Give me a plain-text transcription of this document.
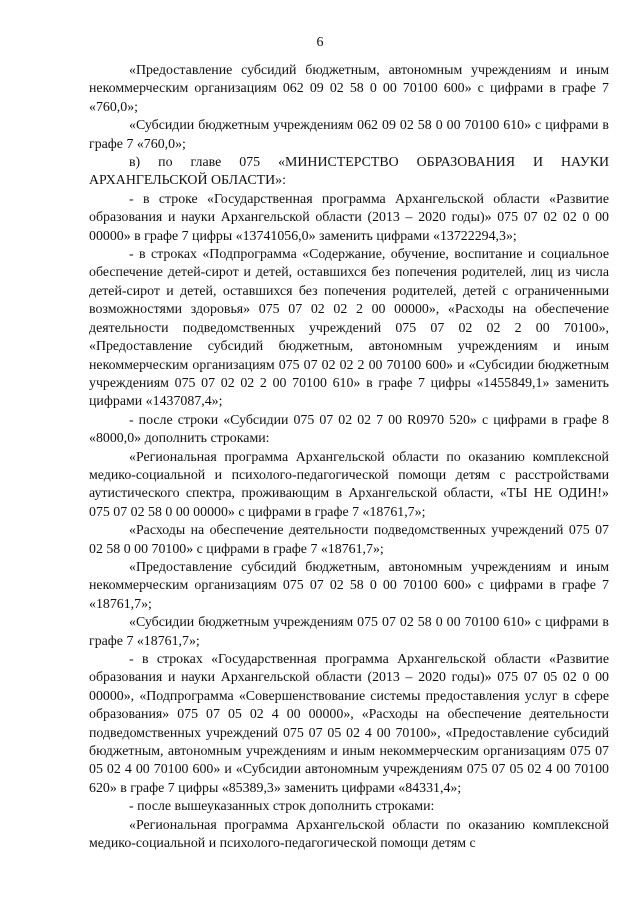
6

«Предоставление субсидий бюджетным, автономным учреждениям и иным некоммерческим организациям 062 09 02 58 0 00 70100 600» с цифрами в графе 7 «760,0»;

«Субсидии бюджетным учреждениям 062 09 02 58 0 00 70100 610» с цифрами в графе 7 «760,0»;

в) по главе 075 «МИНИСТЕРСТВО ОБРАЗОВАНИЯ И НАУКИ АРХАНГЕЛЬСКОЙ ОБЛАСТИ»:

- в строке «Государственная программа Архангельской области «Развитие образования и науки Архангельской области (2013 – 2020 годы)» 075 07 02 02 0 00 00000» в графе 7 цифры «13741056,0» заменить цифрами «13722294,3»;

- в строках «Подпрограмма «Содержание, обучение, воспитание и социальное обеспечение детей-сирот и детей, оставшихся без попечения родителей, лиц из числа детей-сирот и детей, оставшихся без попечения родителей, детей с ограниченными возможностями здоровья» 075 07 02 02 2 00 00000», «Расходы на обеспечение деятельности подведомственных учреждений 075 07 02 02 2 00 70100», «Предоставление субсидий бюджетным, автономным учреждениям и иным некоммерческим организациям 075 07 02 02 2 00 70100 600» и «Субсидии бюджетным учреждениям 075 07 02 02 2 00 70100 610» в графе 7 цифры «1455849,1» заменить цифрами «1437087,4»;

- после строки «Субсидии 075 07 02 02 7 00 R0970 520» с цифрами в графе 8 «8000,0» дополнить строками:

«Региональная программа Архангельской области по оказанию комплексной медико-социальной и психолого-педагогической помощи детям с расстройствами аутистического спектра, проживающим в Архангельской области, «ТЫ НЕ ОДИН!» 075 07 02 58 0 00 00000» с цифрами в графе 7 «18761,7»;

«Расходы на обеспечение деятельности подведомственных учреждений 075 07 02 58 0 00 70100» с цифрами в графе 7 «18761,7»;

«Предоставление субсидий бюджетным, автономным учреждениям и иным некоммерческим организациям 075 07 02 58 0 00 70100 600» с цифрами в графе 7 «18761,7»;

«Субсидии бюджетным учреждениям 075 07 02 58 0 00 70100 610» с цифрами в графе 7 «18761,7»;

- в строках «Государственная программа Архангельской области «Развитие образования и науки Архангельской области (2013 – 2020 годы)» 075 07 05 02 0 00 00000», «Подпрограмма «Совершенствование системы предоставления услуг в сфере образования» 075 07 05 02 4 00 00000», «Расходы на обеспечение деятельности подведомственных учреждений 075 07 05 02 4 00 70100», «Предоставление субсидий бюджетным, автономным учреждениям и иным некоммерческим организациям 075 07 05 02 4 00 70100 600» и «Субсидии автономным учреждениям 075 07 05 02 4 00 70100 620» в графе 7 цифры «85389,3» заменить цифрами «84331,4»;

- после вышеуказанных строк дополнить строками:

«Региональная программа Архангельской области по оказанию комплексной медико-социальной и психолого-педагогической помощи детям с
